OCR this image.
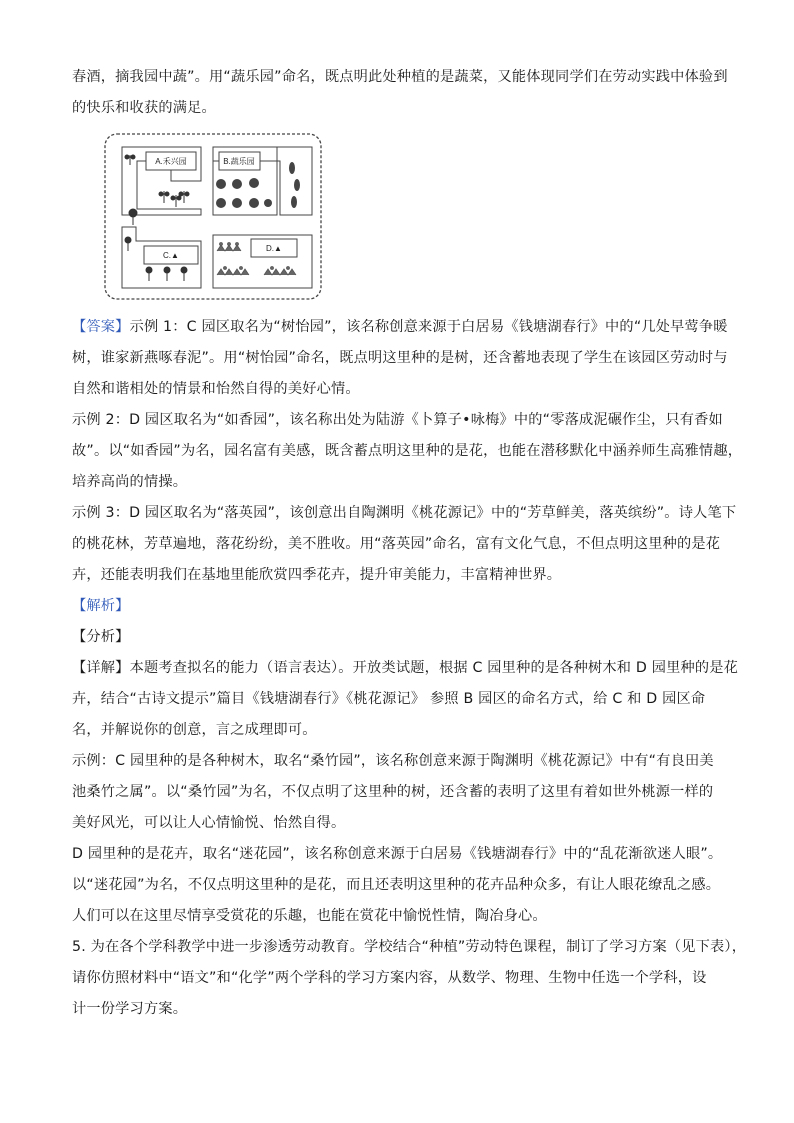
春酒，摘我园中蔬”。用“蔬乐园”命名，既点明此处种植的是蔬菜，又能体现同学们在劳动实践中体验到
的快乐和收获的满足。
A.禾兴园	B.蔬乐园
C.▲
D.▲
【答案】示例 1：C 园区取名为“树怡园”，该名称创意来源于白居易《钱塘湖春行》中的“几处早莺争暖
树，谁家新燕啄春泥”。用“树怡园”命名，既点明这里种的是树，还含蓄地表现了学生在该园区劳动时与
自然和谐相处的情景和怡然自得的美好心情。
示例 2：D 园区取名为“如香园”，该名称出处为陆游《卜算子•咏梅》中的“零落成泥碾作尘，只有香如
故”。以“如香园”为名，园名富有美感，既含蓄点明这里种的是花，也能在潜移默化中涵养师生高雅情趣，
培养高尚的情操。
示例 3：D 园区取名为“落英园”，该创意出自陶渊明《桃花源记》中的“芳草鲜美，落英缤纷”。诗人笔下
的桃花林，芳草遍地，落花纷纷，美不胜收。用“落英园”命名，富有文化气息，不但点明这里种的是花
卉，还能表明我们在基地里能欣赏四季花卉，提升审美能力，丰富精神世界。
【解析】
【分析】
【详解】本题考查拟名的能力（语言表达）。开放类试题，根据 C 园里种的是各种树木和 D 园里种的是花
卉，结合“古诗文提示”篇目《钱塘湖春行》《桃花源记》 参照 B 园区的命名方式，给 C 和 D 园区命
名，并解说你的创意，言之成理即可。
示例：C 园里种的是各种树木，取名“桑竹园”，该名称创意来源于陶渊明《桃花源记》中有“有良田美
池桑竹之属”。以“桑竹园”为名，不仅点明了这里种的树，还含蓄的表明了这里有着如世外桃源一样的
美好风光，可以让人心情愉悦、怡然自得。
D 园里种的是花卉，取名“迷花园”，该名称创意来源于白居易《钱塘湖春行》中的“乱花渐欲迷人眼”。
以“迷花园”为名，不仅点明这里种的是花，而且还表明这里种的花卉品种众多，有让人眼花缭乱之感。
人们可以在这里尽情享受赏花的乐趣，也能在赏花中愉悦性情，陶冶身心。
5. 为在各个学科教学中进一步渗透劳动教育。学校结合“种植”劳动特色课程，制订了学习方案（见下表），
请你仿照材料中“语文”和“化学”两个学科的学习方案内容，从数学、物理、生物中任选一个学科，设
计一份学习方案。
